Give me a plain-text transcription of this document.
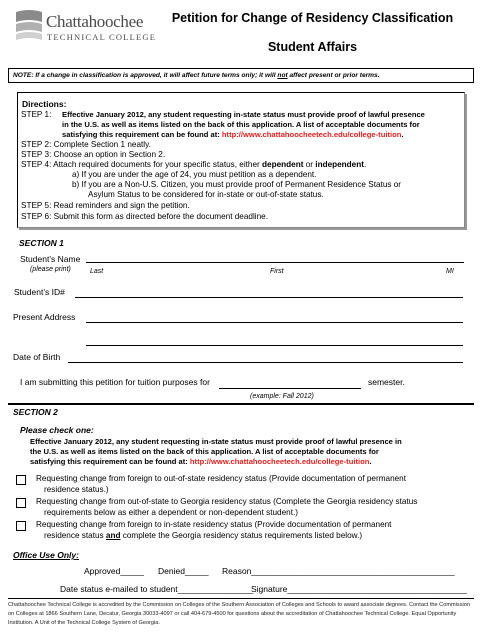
Chattahoochee
TECHNICAL COLLEGE
Petition for Change of Residency Classification
Student Affairs
NOTE: If a change in classification is approved, it will affect future terms only; it will not affect present or prior terms.
Directions:
STEP 1: Effective January 2012, any student requesting in-state status must provide proof of lawful presence
in the U.S. as well as items listed on the back of this application. A list of acceptable documents for
satisfying this requirement can be found at: http://www.chattahoocheetech.edu/college-tuition.
STEP 2: Complete Section 1 neatly.
STEP 3: Choose an option in Section 2.
STEP 4: Attach required documents for your specific status, either dependent or independent.
a) If you are under the age of 24, you must petition as a dependent.
b) If you are a Non-U.S. Citizen, you must provide proof of Permanent Residence Status or
Asylum Status to be considered for in-state or out-of-state status.
STEP 5: Read reminders and sign the petition.
STEP 6: Submit this form as directed before the document deadline.
SECTION 1
Student’s Name
(please print)	Last	First	MI
Student’s ID#
Present Address
Date of Birth
I am submitting this petition for tuition purposes for	semester.
(example: Fall 2012)
SECTION 2
Please check one:
Effective January 2012, any student requesting in-state status must provide proof of lawful presence in
the U.S. as well as items listed on the back of this application. A list of acceptable documents for
satisfying this requirement can be found at: http://www.chattahoocheetech.edu/college-tuition.
Requesting change from foreign to out-of-state residency status (Provide documentation of permanent
residence status.)
Requesting change from out-of-state to Georgia residency status (Complete the Georgia residency status
requirements below as either a dependent or non-dependent student.)
Requesting change from foreign to in-state residency status (Provide documentation of permanent
residence status and complete the Georgia residency status requirements listed below.)
Office Use Only:
Approved_____ Denied_____ Reason___________________________________________
Date status e-mailed to student________________
Signature______________________________________
Chattahoochee Technical College is accredited by the Commission on Colleges of the Southern Association of Colleges and Schools to award associate degrees. Contact the Commission on Colleges at 1866 Southern Lane, Decatur, Georgia 30033-4097 or call 404-679-4500 for questions about the accreditation of Chattahoochee Technical College. Equal Opportunity Institution. A Unit of the Technical College System of Georgia.
